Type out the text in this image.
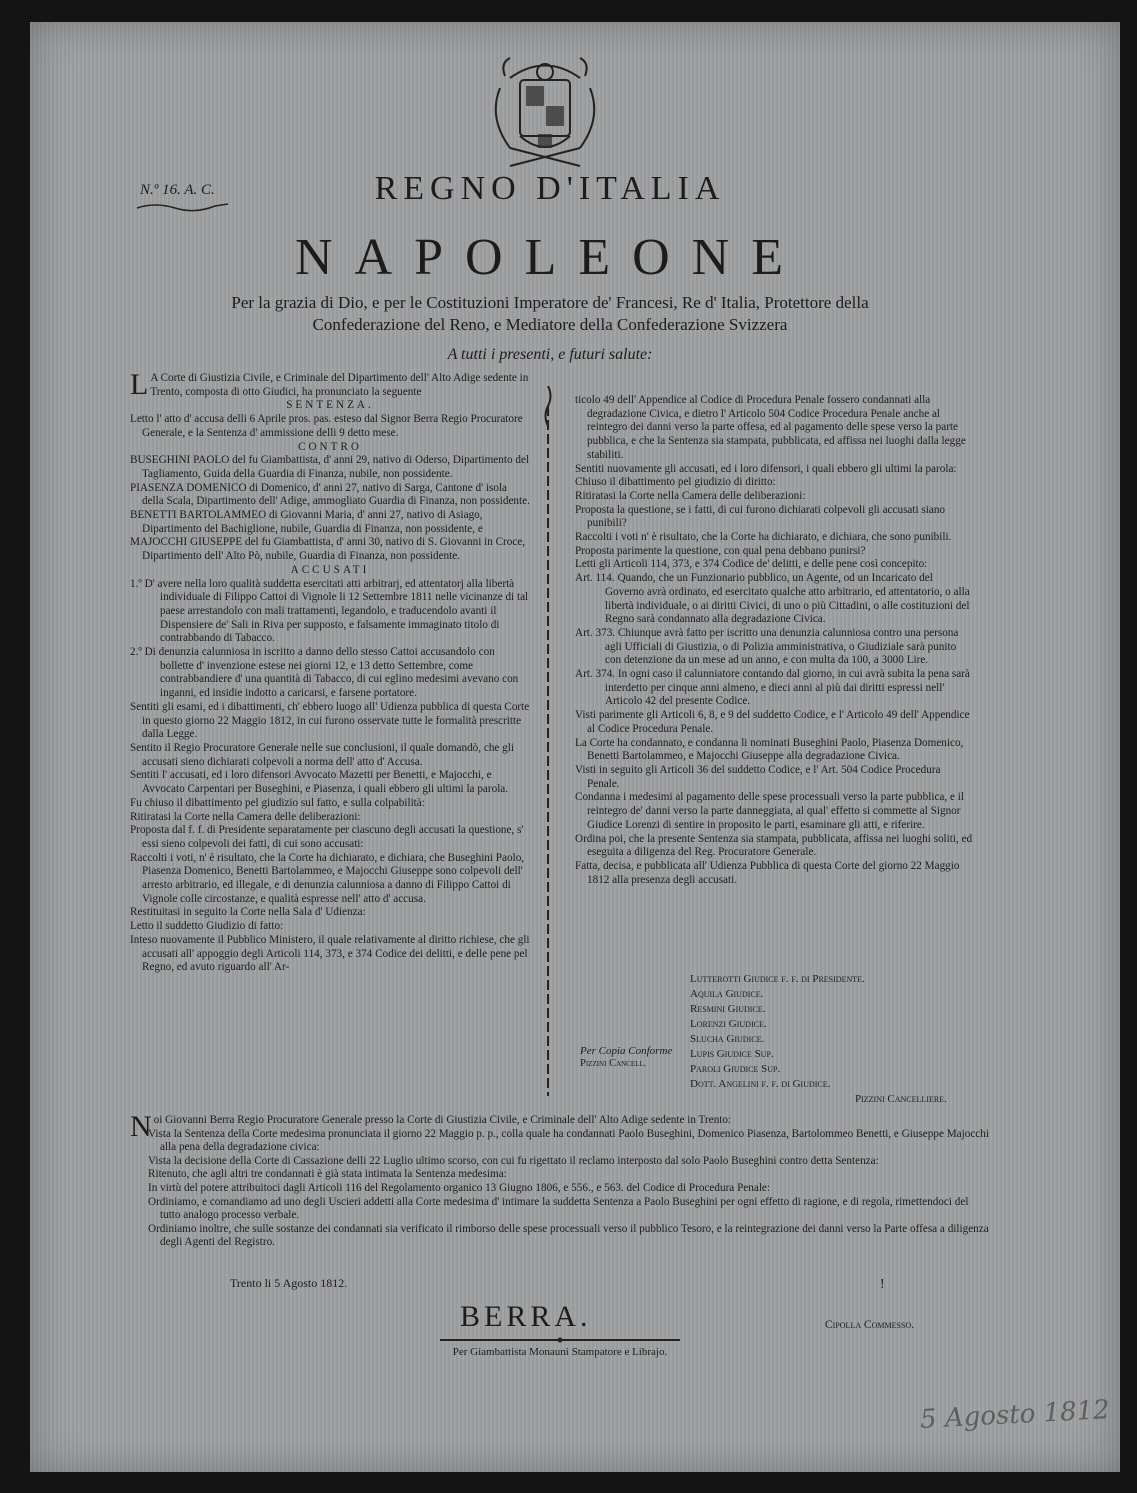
N.º 16. A. C.	REGNO D'ITALIA
NAPOLEONE
Per la grazia di Dio, e per le Costituzioni Imperatore de' Francesi, Re d' Italia, Protettore della
Confederazione del Reno, e Mediatore della Confederazione Svizzera
A tutti i presenti, e futuri salute:

L A Corte di Giustizia Civile, e Criminale del Dipartimento dell' Alto Adige sedente in Trento, composta di otto Giudici, ha pronunciato la seguente

SENTENZA.

Letto l' atto d' accusa delli 6 Aprile pros. pas. esteso dal Signor Berra Regio Procuratore Generale, e la Sentenza d' ammissione delli 9 detto mese.

CONTRO

BUSEGHINI PAOLO del fu Giambattista, d' anni 29, nativo di Oderso, Dipartimento del Tagliamento, Guida della Guardia di Finanza, nubile, non possidente.

PIASENZA DOMENICO di Domenico, d' anni 27, nativo di Sarga, Cantone d' isola della Scala, Dipartimento dell' Adige, ammogliato Guardia di Finanza, non possidente.

BENETTI BARTOLAMMEO di Giovanni Maria, d' anni 27, nativo di Asiago, Dipartimento del Bachiglione, nubile, Guardia di Finanza, non possidente, e

MAJOCCHI GIUSEPPE del fu Giambattista, d' anni 30, nativo di S. Giovanni in Croce, Dipartimento dell' Alto Pò, nubile, Guardia di Finanza, non possidente.

ACCUSATI

1.º D' avere nella loro qualità suddetta esercitati atti arbitrarj, ed attentatorj alla libertà individuale di Filippo Cattoi di Vignole li 12 Settembre 1811 nelle vicinanze di tal paese arrestandolo con mali trattamenti, legandolo, e traducendolo avanti il Dispensiere de' Sali in Riva per supposto, e falsamente immaginato titolo di contrabbando di Tabacco.

2.º Di denunzia calunniosa in iscritto a danno dello stesso Cattoi accusandolo con bollette d' invenzione estese nei giorni 12, e 13 detto Settembre, come contrabbandiere d' una quantità di Tabacco, di cui eglino medesimi avevano con inganni, ed insidie indotto a caricarsi, e farsene portatore.

Sentiti gli esami, ed i dibattimenti, ch' ebbero luogo all' Udienza pubblica di questa Corte in questo giorno 22 Maggio 1812, in cui furono osservate tutte le formalità prescritte dalla Legge.

Sentito il Regio Procuratore Generale nelle sue conclusioni, il quale domandò, che gli accusati sieno dichiarati colpevoli a norma dell' atto d' Accusa.

Sentiti l' accusati, ed i loro difensori Avvocato Mazetti per Benetti, e Majocchi, e Avvocato Carpentari per Buseghini, e Piasenza, i quali ebbero gli ultimi la parola.

Fu chiuso il dibattimento pel giudizio sul fatto, e sulla colpabilità:

Ritiratasi la Corte nella Camera delle deliberazioni:

Proposta dal f. f. di Presidente separatamente per ciascuno degli accusati la questione, s' essi sieno colpevoli dei fatti, di cui sono accusati:

Raccolti i voti, n' è risultato, che la Corte ha dichiarato, e dichiara, che Buseghini Paolo, Piasenza Domenico, Benetti Bartolammeo, e Majocchi Giuseppe sono colpevoli dell' arresto arbitrario, ed illegale, e di denunzia calunniosa a danno di Filippo Cattoi di Vignole colle circostanze, e qualità espresse nell' atto d' accusa.

Restituitasi in seguito la Corte nella Sala d' Udienza:

Letto il suddetto Giudizio di fatto:

Inteso nuovamente il Pubblico Ministero, il quale relativamente al diritto richiese, che gli accusati all' appoggio degli Articoli 114, 373, e 374 Codice dei delitti, e delle pene pel Regno, ed avuto riguardo all' Ar-

ticolo 49 dell' Appendice al Codice di Procedura Penale fossero condannati alla degradazione Civica, e dietro l' Articolo 504 Codice Procedura Penale anche al reintegro dei danni verso la parte offesa, ed al pagamento delle spese verso la parte pubblica, e che la Sentenza sia stampata, pubblicata, ed affissa nei luoghi dalla legge stabiliti.

Sentiti nuovamente gli accusati, ed i loro difensori, i quali ebbero gli ultimi la parola:

Chiuso il dibattimento pel giudizio di diritto:

Ritiratasi la Corte nella Camera delle deliberazioni:

Proposta la questione, se i fatti, di cui furono dichiarati colpevoli gli accusati siano punibili?

Raccolti i voti n' è risultato, che la Corte ha dichiarato, e dichiara, che sono punibili.

Proposta parimente la questione, con qual pena debbano punirsi?

Letti gli Articoli 114, 373, e 374 Codice de' delitti, e delle pene così concepito:

Art. 114. Quando, che un Funzionario pubblico, un Agente, od un Incaricato del Governo avrà ordinato, ed esercitato qualche atto arbitrario, ed attentatorio, o alla libertà individuale, o ai diritti Civici, di uno o più Cittadini, o alle costituzioni del Regno sarà condannato alla degradazione Civica.

Art. 373. Chiunque avrà fatto per iscritto una denunzia calunniosa contro una persona agli Ufficiali di Giustizia, o di Polizia amministrativa, o Giudiziale sarà punito con detenzione da un mese ad un anno, e con multa da 100, a 3000 Lire.

Art. 374. In ogni caso il calunniatore contando dal giorno, in cui avrà subita la pena sarà interdetto per cinque anni almeno, e dieci anni al più dai diritti espressi nell' Articolo 42 del presente Codice.

Visti parimente gli Articoli 6, 8, e 9 del suddetto Codice, e l' Articolo 49 dell' Appendice al Codice Procedura Penale.

La Corte ha condannato, e condanna li nominati Buseghini Paolo, Piasenza Domenico, Benetti Bartolammeo, e Majocchi Giuseppe alla degradazione Civica.

Visti in seguito gli Articoli 36 del suddetto Codice, e l' Art. 504 Codice Procedura Penale.

Condanna i medesimi al pagamento delle spese processuali verso la parte pubblica, e il reintegro de' danni verso la parte danneggiata, al qual' effetto si commette al Signor Giudice Lorenzi di sentire in proposito le parti, esaminare gli atti, e riferire.

Ordina poi, che la presente Sentenza sia stampata, pubblicata, affissa nei luoghi soliti, ed eseguita a diligenza del Reg. Procuratore Generale.

Fatta, decisa, e pubblicata all' Udienza Pubblica di questa Corte del giorno 22 Maggio 1812 alla presenza degli accusati.

Lutterotti Giudice f. f. di Presidente.
Aquila Giudice.
Resmini Giudice.
Lorenzi Giudice.
Slucha Giudice.
Lupis Giudice Sup.
Paroli Giudice Sup.
Dott. Angelini f. f. di Giudice.
Per Copia Conforme
Pizzini Cancell.
Pizzini Cancelliere.

Noi Giovanni Berra Regio Procuratore Generale presso la Corte di Giustizia Civile, e Criminale dell' Alto Adige sedente in Trento:

Vista la Sentenza della Corte medesima pronunciata il giorno 22 Maggio p. p., colla quale ha condannati Paolo Buseghini, Domenico Piasenza, Bartolommeo Benetti, e Giuseppe Majocchi alla pena della degradazione civica:

Vista la decisione della Corte di Cassazione delli 22 Luglio ultimo scorso, con cui fu rigettato il reclamo interposto dal solo Paolo Buseghini contro detta Sentenza:

Ritenuto, che agli altri tre condannati è già stata intimata la Sentenza medesima:

In virtù del potere attribuitoci dagli Articoli 116 del Regolamento organico 13 Giugno 1806, e 556., e 563. del Codice di Procedura Penale:

Ordiniamo, e comandiamo ad uno degli Uscieri addetti alla Corte medesima d' intimare la suddetta Sentenza a Paolo Buseghini per ogni effetto di ragione, e di regola, rimettendoci del tutto analogo processo verbale.

Ordiniamo inoltre, che sulle sostanze dei condannati sia verificato il rimborso delle spese processuali verso il pubblico Tesoro, e la reintegrazione dei danni verso la Parte offesa a diligenza degli Agenti del Registro.

Trento li 5 Agosto 1812.	!
BERRA.	Cipolla Commesso.
Per Giambattista Monauni Stampatore e Librajo.
5 Agosto 1812
